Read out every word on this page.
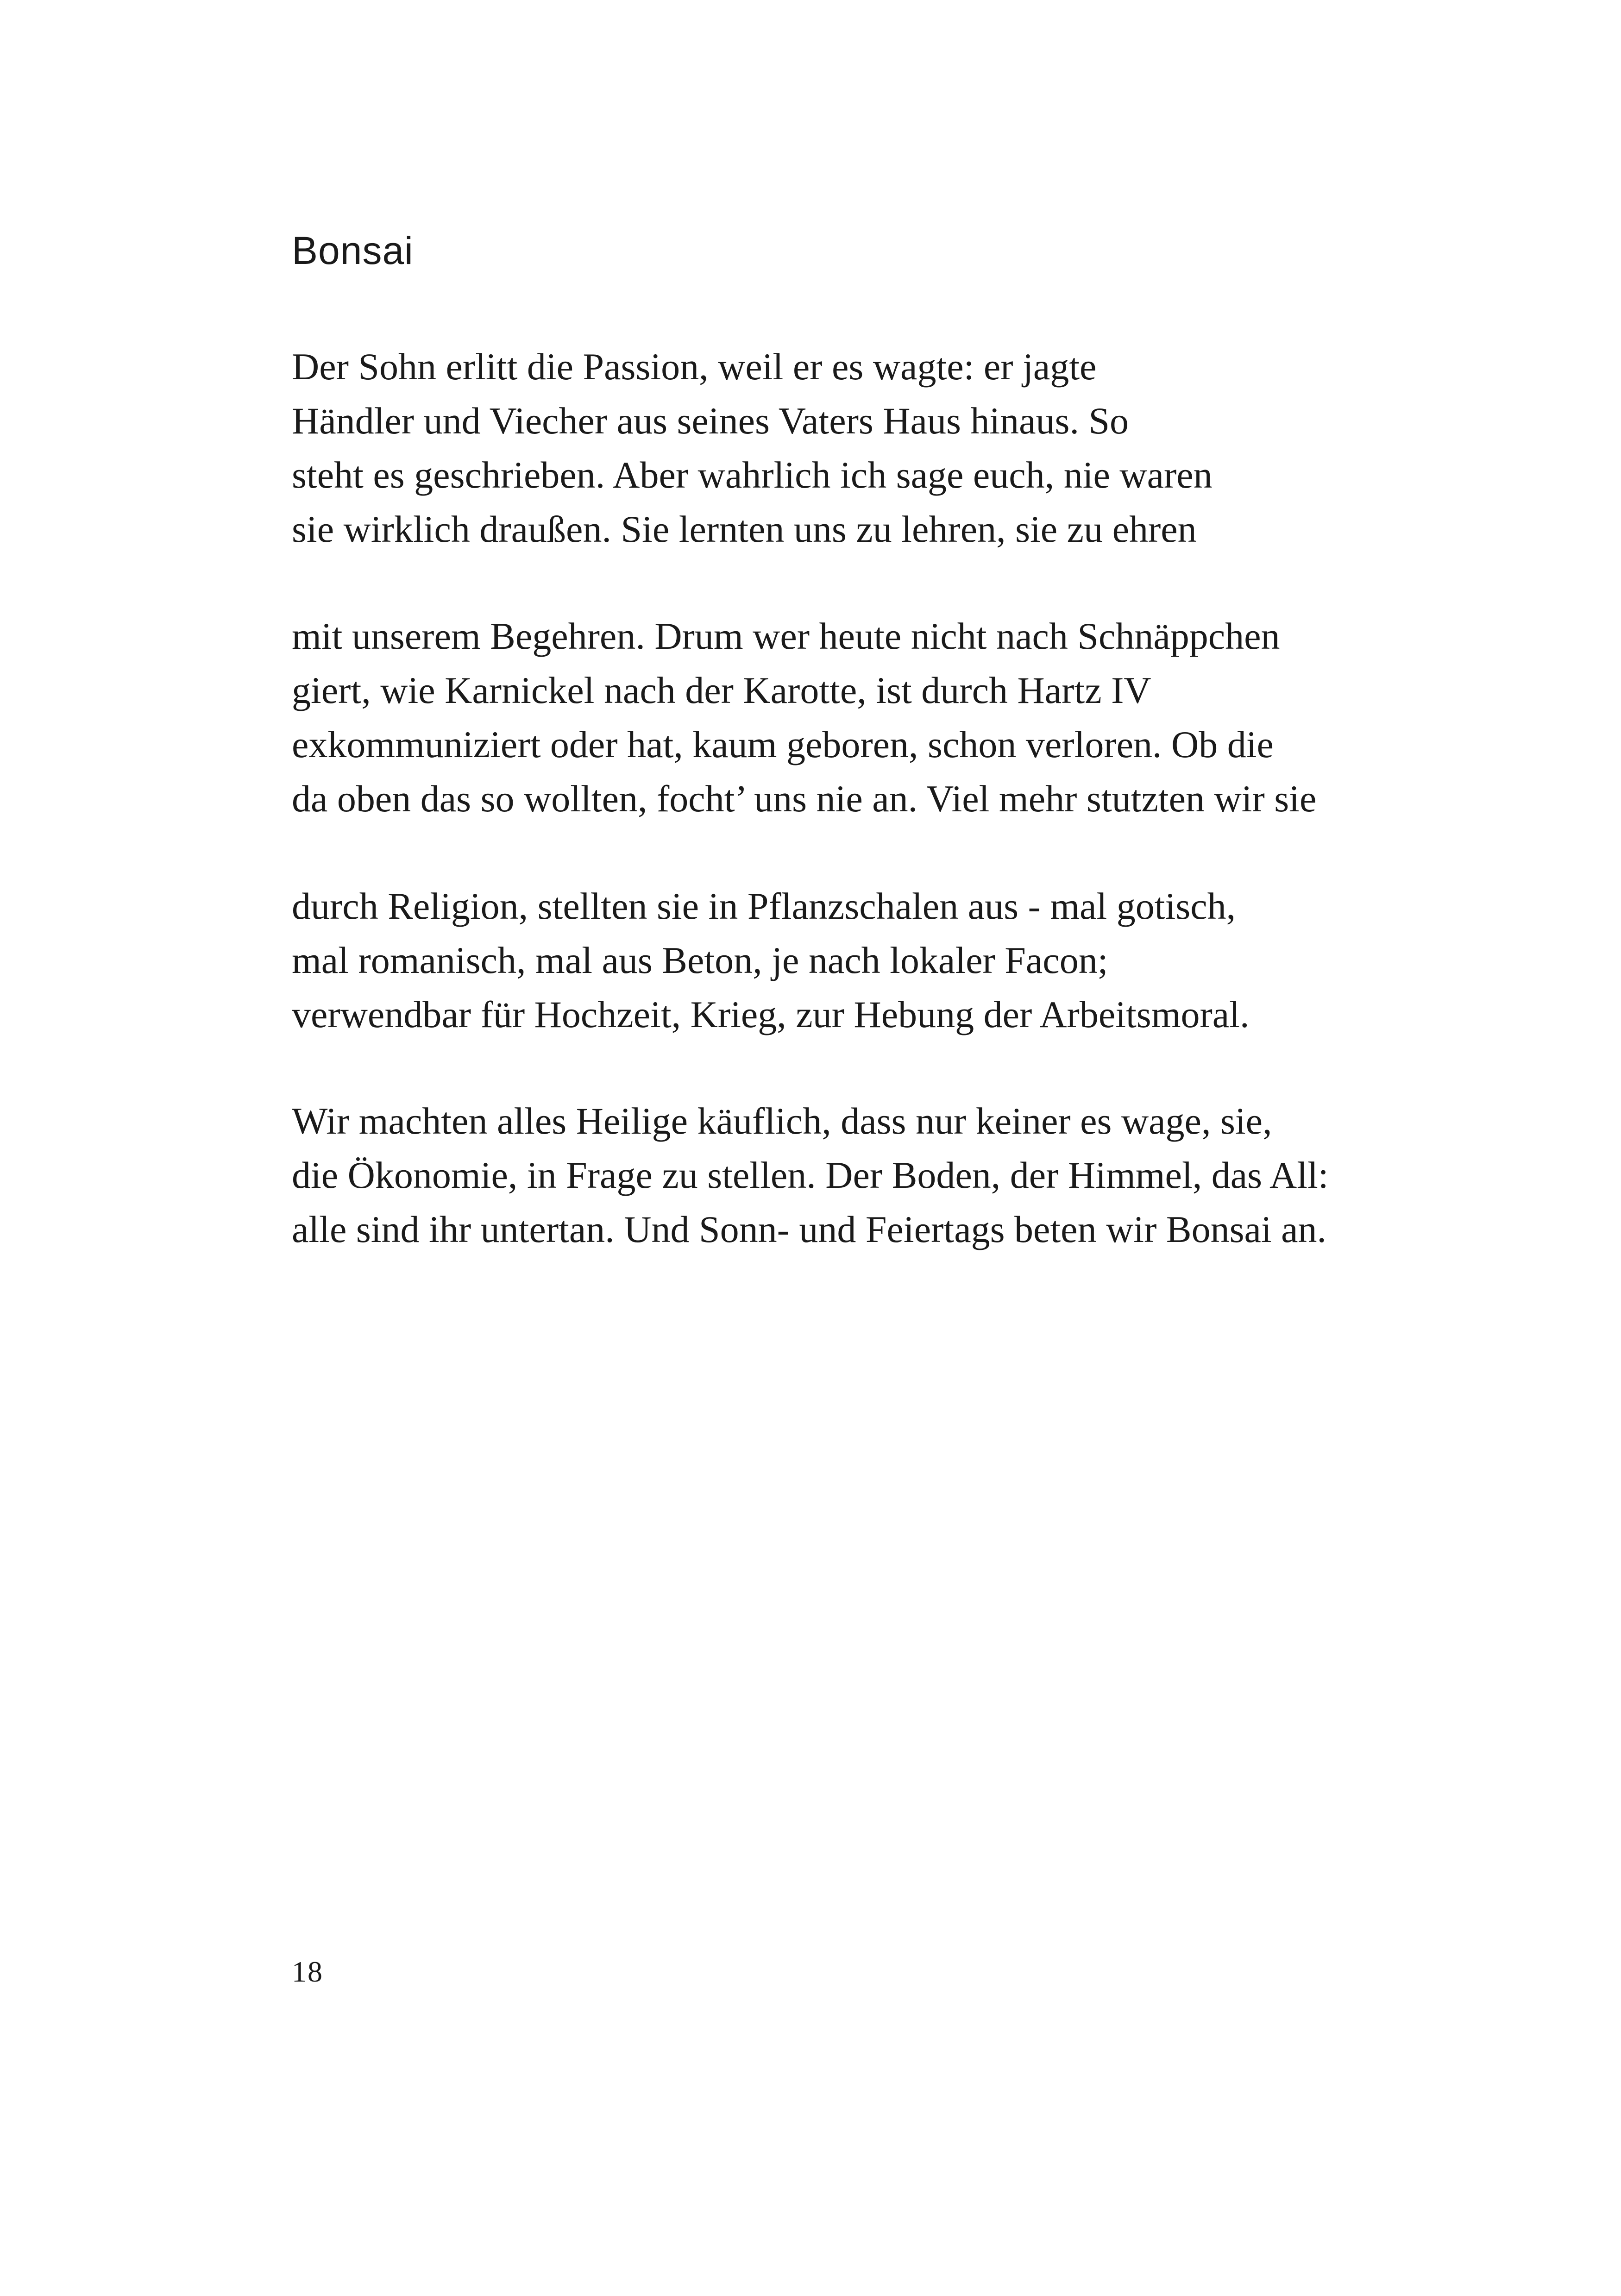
Bonsai

Der Sohn erlitt die Passion, weil er es wagte: er jagte
Händler und Viecher aus seines Vaters Haus hinaus. So
steht es geschrieben. Aber wahrlich ich sage euch, nie waren
sie wirklich draußen. Sie lernten uns zu lehren, sie zu ehren

mit unserem Begehren. Drum wer heute nicht nach Schnäppchen
giert, wie Karnickel nach der Karotte, ist durch Hartz IV
exkommuniziert oder hat, kaum geboren, schon verloren. Ob die
da oben das so wollten, focht’ uns nie an. Viel mehr stutzten wir sie

durch Religion, stellten sie in Pflanzschalen aus - mal gotisch,
mal romanisch, mal aus Beton, je nach lokaler Facon;
verwendbar für Hochzeit, Krieg, zur Hebung der Arbeitsmoral.

Wir machten alles Heilige käuflich, dass nur keiner es wage, sie,
die Ökonomie, in Frage zu stellen. Der Boden, der Himmel, das All:
alle sind ihr untertan. Und Sonn- und Feiertags beten wir Bonsai an.

18
